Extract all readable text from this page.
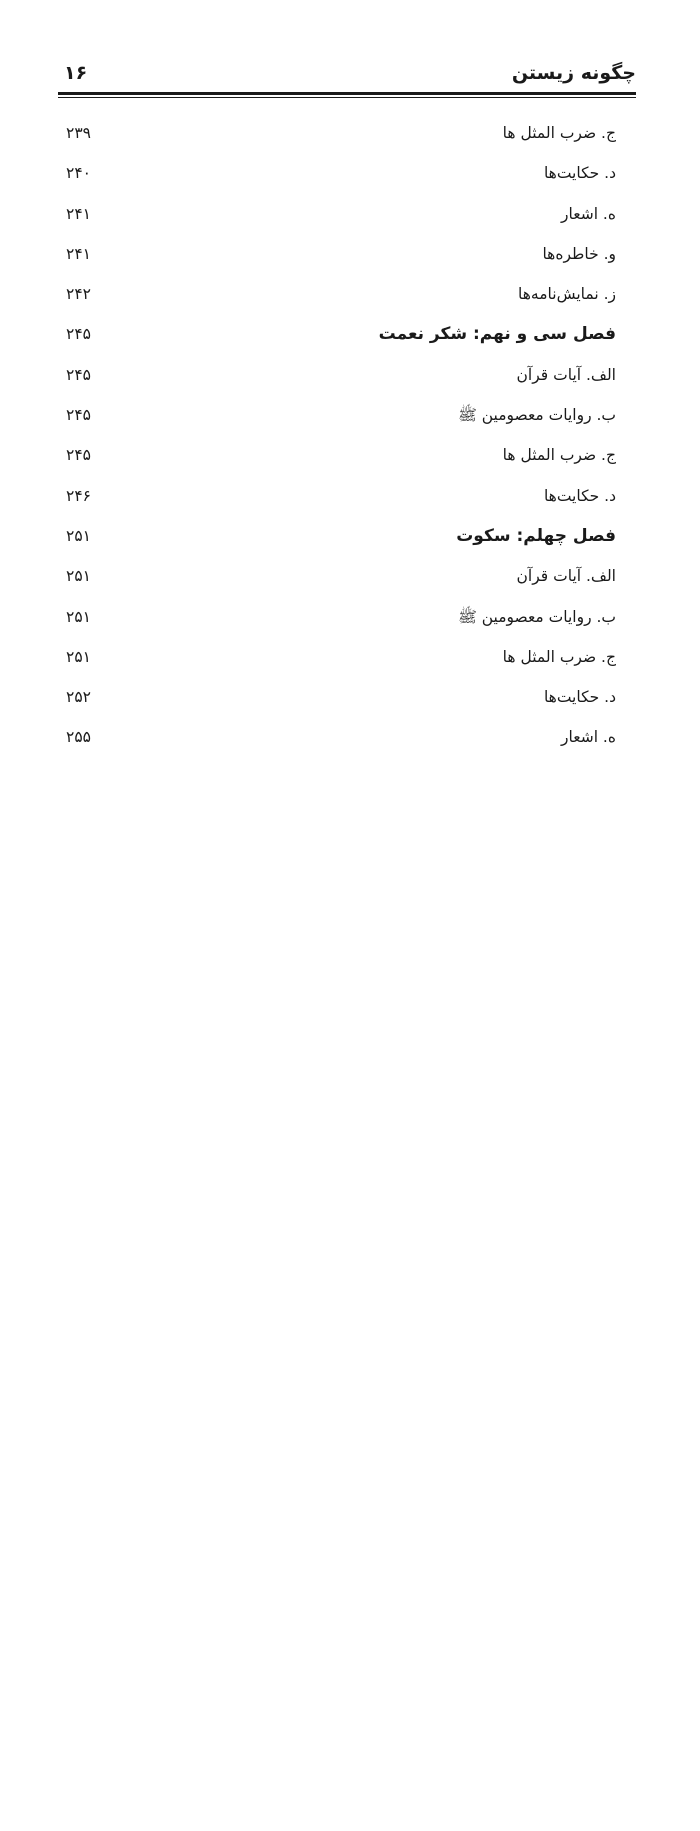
چگونه زیستن
۱۶
ج. ضرب المثل ها
۲۳۹
د. حکایت‌ها
۲۴۰
ه. اشعار
۲۴۱
و. خاطره‌ها
۲۴۱
ز. نمایش‌نامه‌ها
۲۴۲
فصل سی و نهم: شکر نعمت
۲۴۵
الف. آیات قرآن
۲۴۵
ب. روایات معصومین ﷺ
۲۴۵
ج. ضرب المثل ها
۲۴۵
د. حکایت‌ها
۲۴۶
فصل چهلم: سکوت
۲۵۱
الف. آیات قرآن
۲۵۱
ب. روایات معصومین ﷺ
۲۵۱
ج. ضرب المثل ها
۲۵۱
د. حکایت‌ها
۲۵۲
ه. اشعار
۲۵۵
